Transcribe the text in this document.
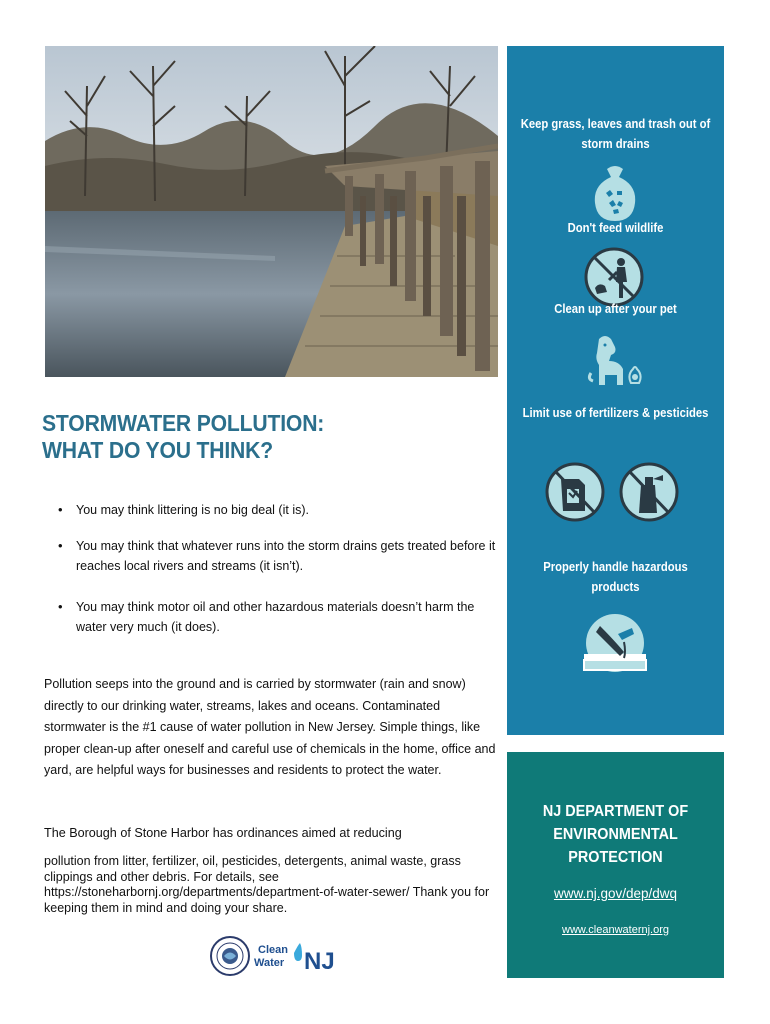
STORMWATER POLLUTION:
WHAT DO YOU THINK?
• You may think littering is no big deal (it is).
• You may think that whatever runs into the storm drains gets treated before it reaches local rivers and streams (it isn’t).
• You may think motor oil and other hazardous materials doesn’t harm the water very much (it does).
Pollution seeps into the ground and is carried by stormwater (rain and snow) directly to our drinking water, streams, lakes and oceans. Contaminated stormwater is the #1 cause of water pollution in New Jersey. Simple things, like proper clean-up after oneself and careful use of chemicals in the home, office and yard, are helpful ways for businesses and residents to protect the water.
The Borough of Stone Harbor has ordinances aimed at reducing
pollution from litter, fertilizer, oil, pesticides, detergents, animal waste, grass clippings and other debris. For details, see https://stoneharbornj.org/departments/department-of-water-sewer/ Thank you for keeping them in mind and doing your share.
Clean
Water NJ
Keep grass, leaves and trash out of storm drains
Don't feed wildlife
Clean up after your pet
Limit use of fertilizers & pesticides
Properly handle hazardous products
NJ DEPARTMENT OF ENVIRONMENTAL PROTECTION
www.nj.gov/dep/dwq
www.cleanwaternj.org
